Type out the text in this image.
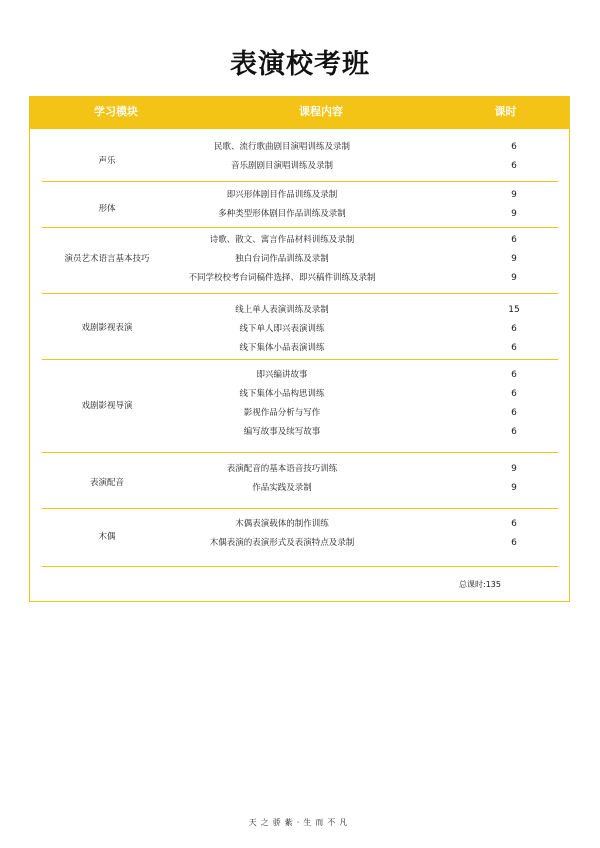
表演校考班
学习模块	课程内容	课时
声乐
民歌、流行歌曲剧目演唱训练及录制	6
音乐剧剧目演唱训练及录制	6
形体
即兴形体剧目作品训练及录制	9
多种类型形体剧目作品训练及录制	9
演员艺术语言基本技巧
诗歌、散文、寓言作品材料训练及录制	6
独白台词作品训练及录制	9
不同学校校考台词稿件选择、即兴稿件训练及录制	9
戏剧影视表演
线上单人表演训练及录制	15
线下单人即兴表演训练	6
线下集体小品表演训练	6
戏剧影视导演
即兴编讲故事	6
线下集体小品构思训练	6
影视作品分析与写作	6
编写故事及续写故事	6
表演配音
表演配音的基本语音技巧训练	9
作品实践及录制	9
木偶
木偶表演载体的制作训练	6
木偶表演的表演形式及表演特点及录制	6
总课时:135
天之骄紫·生而不凡
